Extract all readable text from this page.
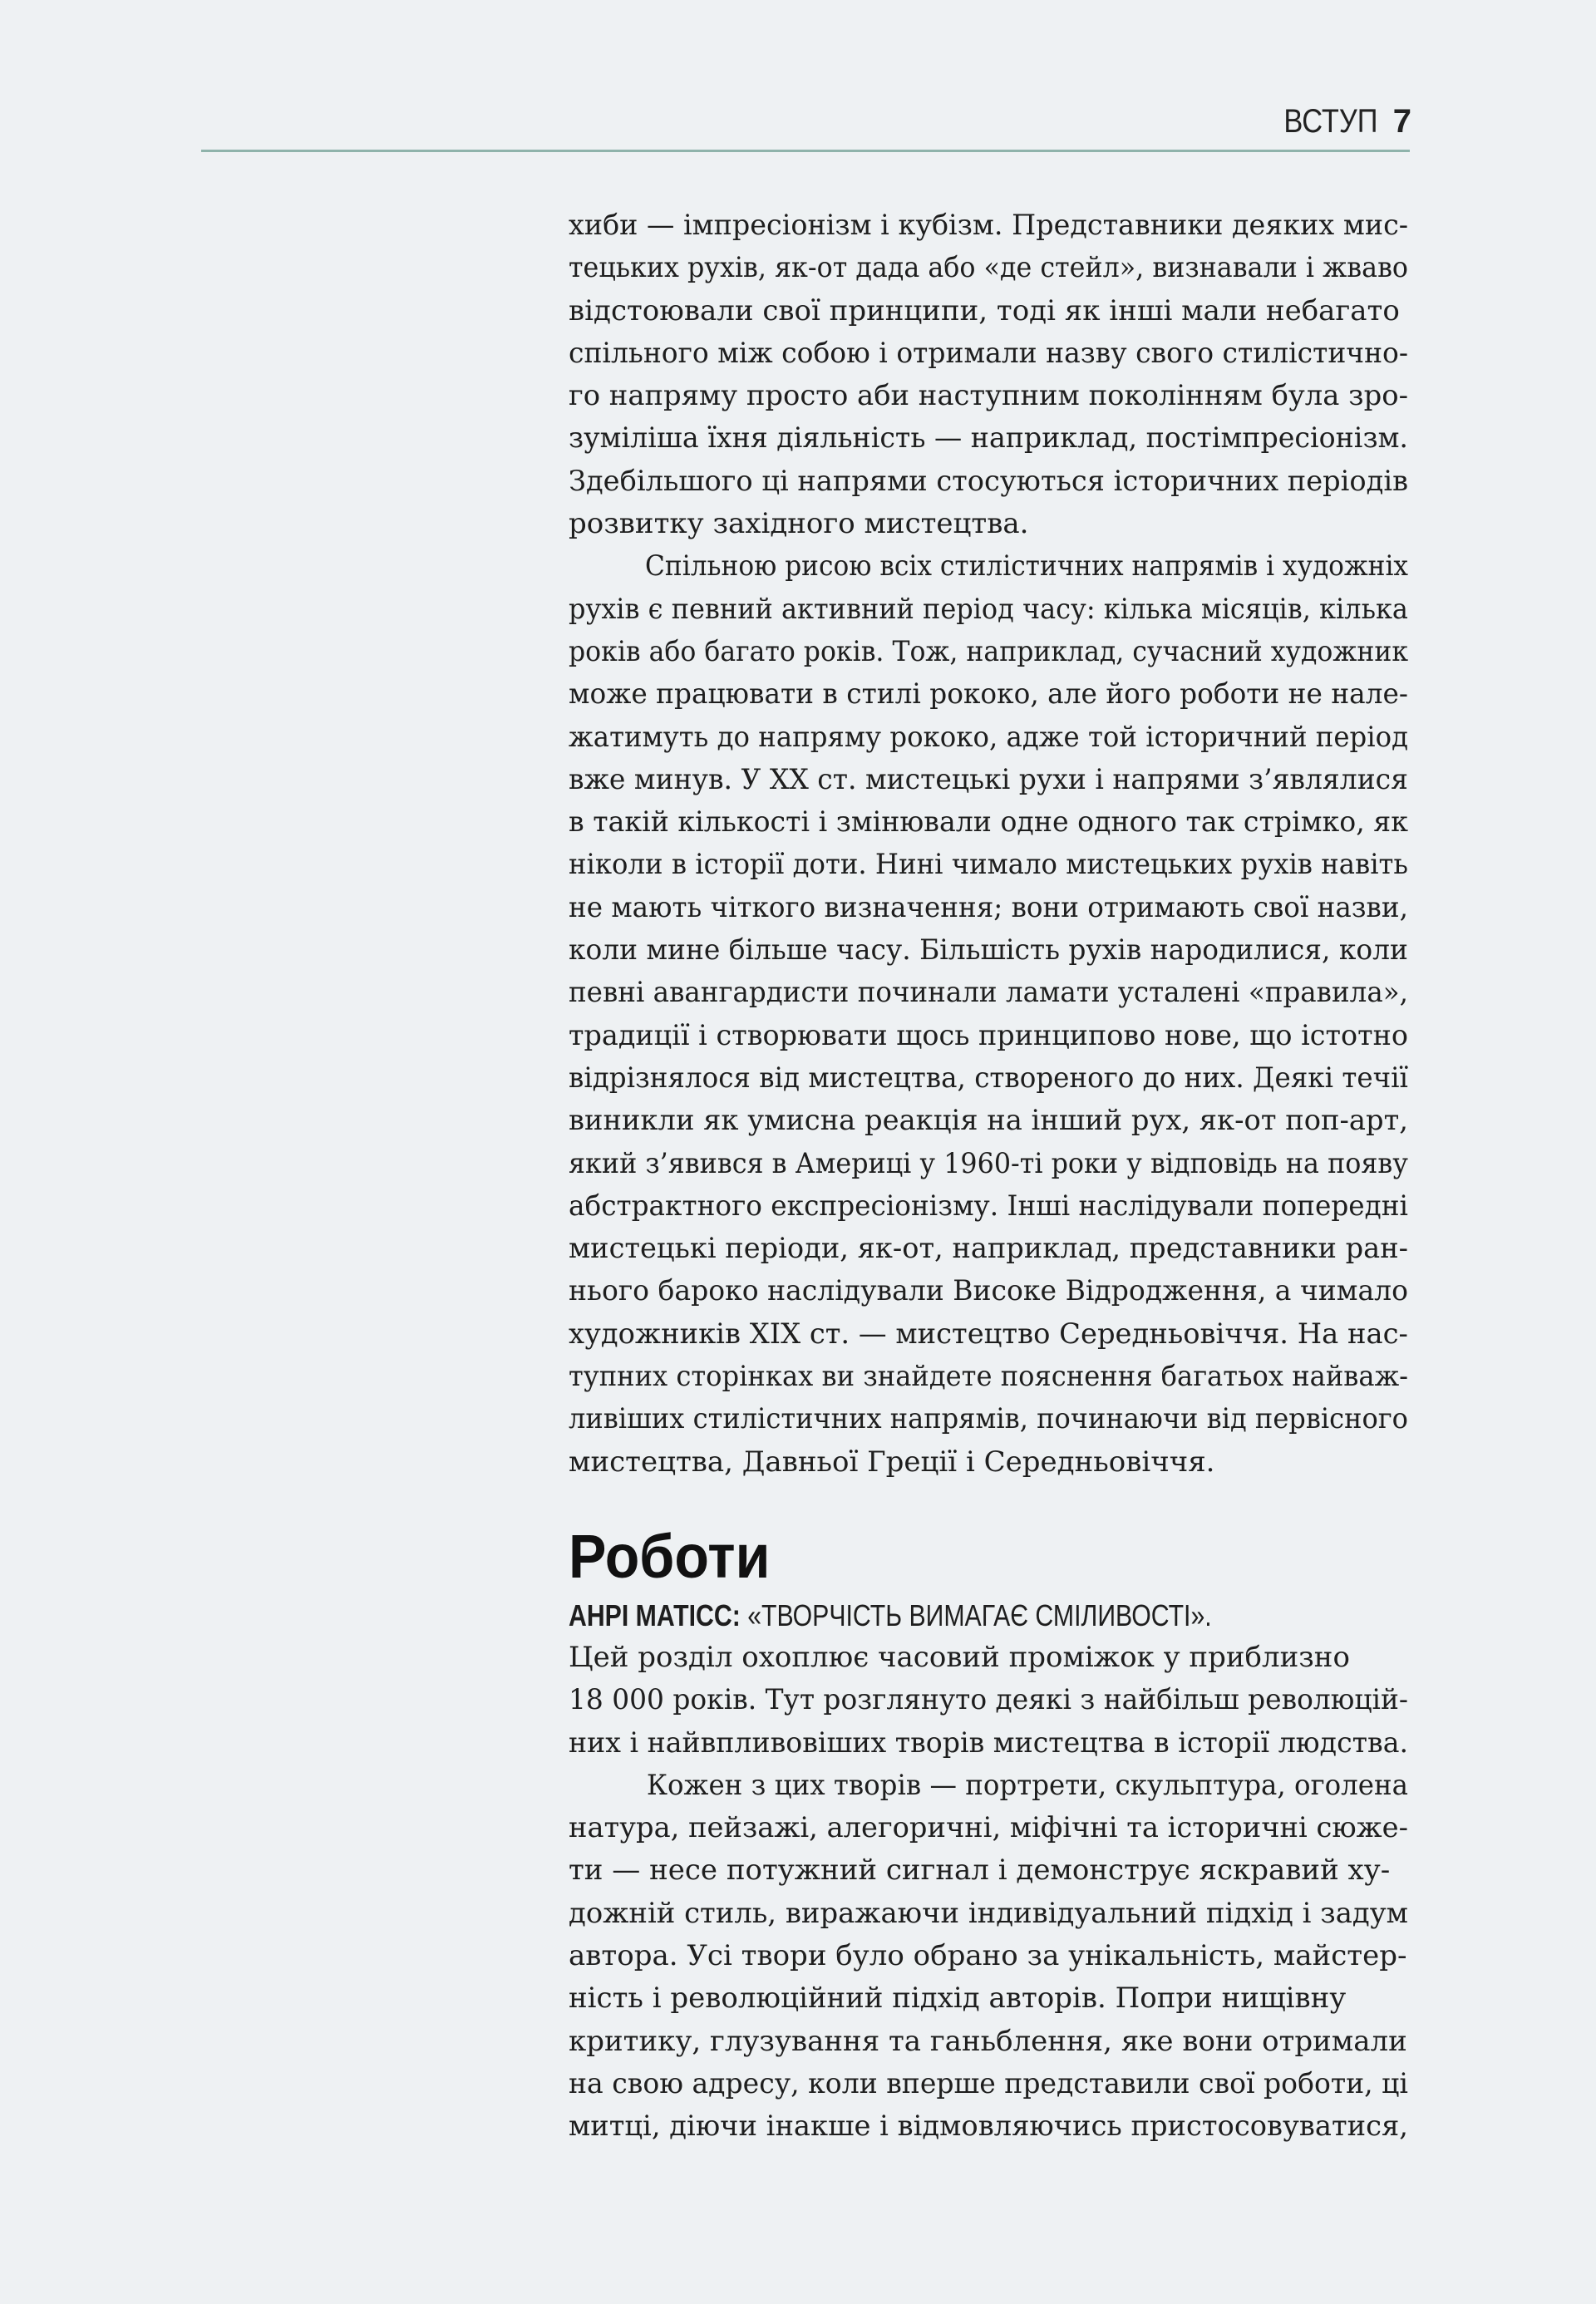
ВСТУП 7
хиби — імпресіонізм і кубізм. Представники деяких мис-
тецьких рухів, як-от дада або «де стейл», визнавали і жваво
відстоювали свої принципи, тоді як інші мали небагато
спільного між собою і отримали назву свого стилістично-
го напряму просто аби наступним поколінням була зро-
зуміліша їхня діяльність — наприклад, постімпресіонізм.
Здебільшого ці напрями стосуються історичних періодів
розвитку західного мистецтва.
Спільною рисою всіх стилістичних напрямів і художніх
рухів є певний активний період часу: кілька місяців, кілька
років або багато років. Тож, наприклад, сучасний художник
може працювати в стилі рококо, але його роботи не нале-
жатимуть до напряму рококо, адже той історичний період
вже минув. У XX ст. мистецькі рухи і напрями з’являлися
в такій кількості і змінювали одне одного так стрімко, як
ніколи в історії доти. Нині чимало мистецьких рухів навіть
не мають чіткого визначення; вони отримають свої назви,
коли мине більше часу. Більшість рухів народилися, коли
певні авангардисти починали ламати усталені «правила»,
традиції і створювати щось принципово нове, що істотно
відрізнялося від мистецтва, створеного до них. Деякі течії
виникли як умисна реакція на інший рух, як-от поп-арт,
який з’явився в Америці у 1960-ті роки у відповідь на появу
абстрактного експресіонізму. Інші наслідували попередні
мистецькі періоди, як-от, наприклад, представники ран-
нього бароко наслідували Високе Відродження, а чимало
художників XIX ст. — мистецтво Середньовіччя. На нас-
тупних сторінках ви знайдете пояснення багатьох найваж-
ливіших стилістичних напрямів, починаючи від первісного
мистецтва, Давньої Греції і Середньовіччя.
Роботи
АНРІ МАТІСС: «ТВОРЧІСТЬ ВИМАГАЄ СМІЛИВОСТІ».
Цей розділ охоплює часовий проміжок у приблизно
18 000 років. Тут розглянуто деякі з найбільш революцій-
них і найвпливовіших творів мистецтва в історії людства.
Кожен з цих творів — портрети, скульптура, оголена
натура, пейзажі, алегоричні, міфічні та історичні сюже-
ти — несе потужний сигнал і демонструє яскравий ху-
дожній стиль, виражаючи індивідуальний підхід і задум
автора. Усі твори було обрано за унікальність, майстер-
ність і революційний підхід авторів. Попри нищівну
критику, глузування та ганьблення, яке вони отримали
на свою адресу, коли вперше представили свої роботи, ці
митці, діючи інакше і відмовляючись пристосовуватися,
